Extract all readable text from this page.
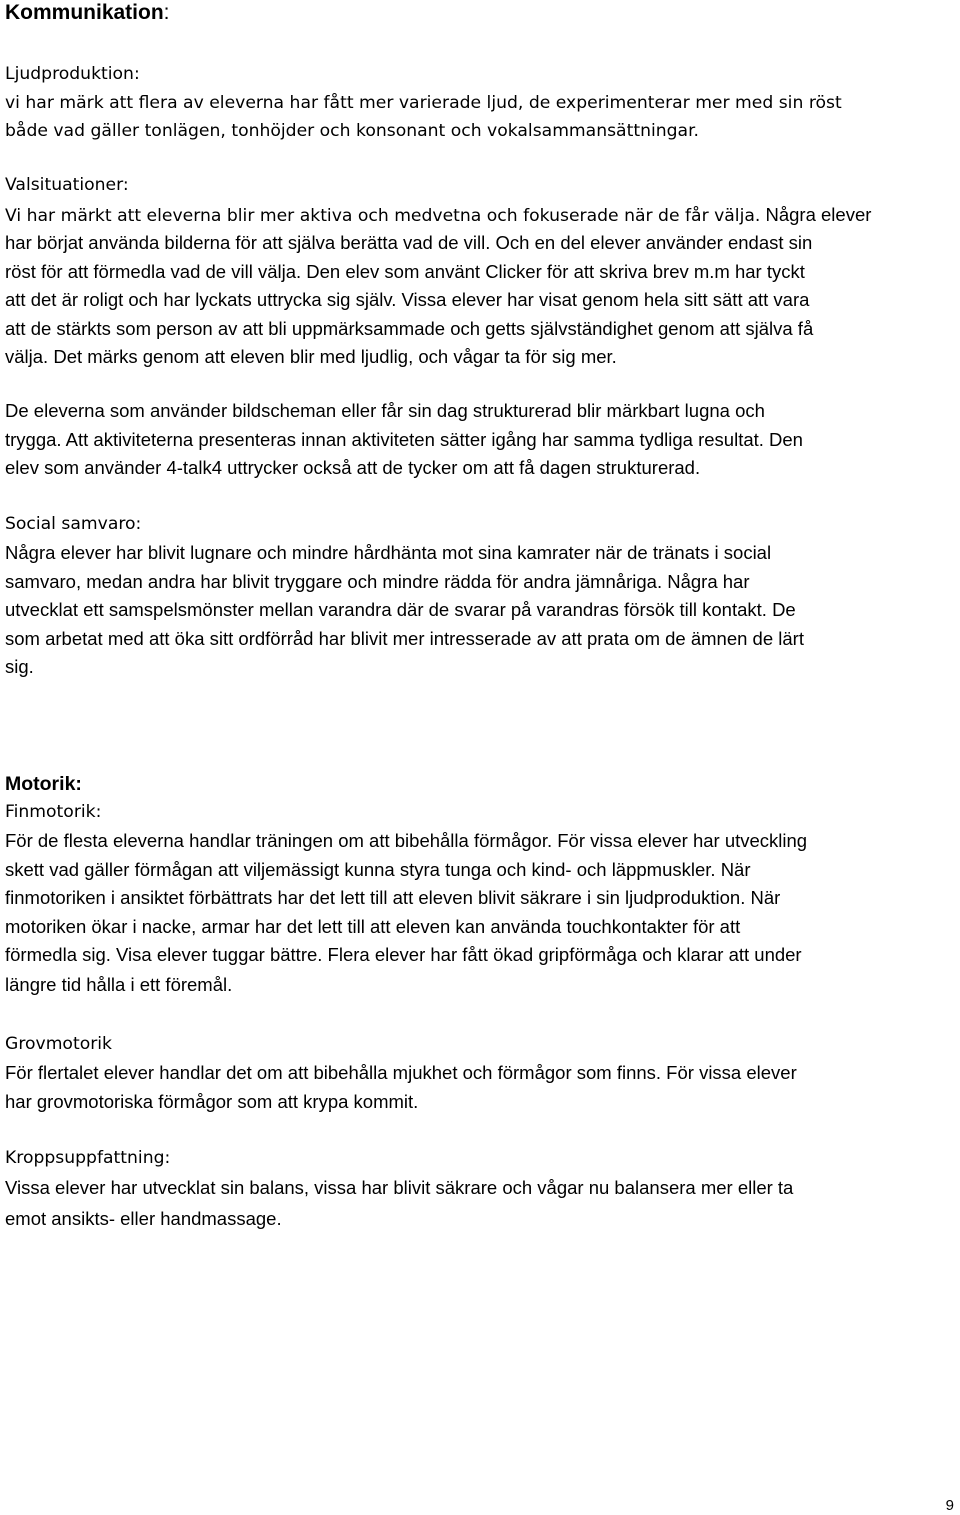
Kommunikation:
Ljudproduktion:
vi har märk att flera av eleverna har fått mer varierade ljud, de experimenterar mer med sin röst
både vad gäller tonlägen, tonhöjder och konsonant och vokalsammansättningar.
Valsituationer:
Vi har märkt att eleverna blir mer aktiva och medvetna och fokuserade när de får välja. Några elever
har börjat använda bilderna för att själva berätta vad de vill. Och en del elever använder endast sin
röst för att förmedla vad de vill välja. Den elev som använt Clicker för att skriva brev m.m har tyckt
att det är roligt och har lyckats uttrycka sig själv. Vissa elever har visat genom hela sitt sätt att vara
att de stärkts som person av att bli uppmärksammade och getts självständighet genom att själva få
välja. Det märks genom att eleven blir med ljudlig, och vågar ta för sig mer.
De eleverna som använder bildscheman eller får sin dag strukturerad blir märkbart lugna och
trygga. Att aktiviteterna presenteras innan aktiviteten sätter igång har samma tydliga resultat. Den
elev som använder 4-talk4 uttrycker också att de tycker om att få dagen strukturerad.
Social samvaro:
Några elever har blivit lugnare och mindre hårdhänta mot sina kamrater när de tränats i social
samvaro, medan andra har blivit tryggare och mindre rädda för andra jämnåriga. Några har
utvecklat ett samspelsmönster mellan varandra där de svarar på varandras försök till kontakt. De
som arbetat med att öka sitt ordförråd har blivit mer intresserade av att prata om de ämnen de lärt
sig.
Motorik:
Finmotorik:
För de flesta eleverna handlar träningen om att bibehålla förmågor. För vissa elever har utveckling
skett vad gäller förmågan att viljemässigt kunna styra tunga och kind- och läppmuskler. När
finmotoriken i ansiktet förbättrats har det lett till att eleven blivit säkrare i sin ljudproduktion. När
motoriken ökar i nacke, armar har det lett till att eleven kan använda touchkontakter för att
förmedla sig. Visa elever tuggar bättre. Flera elever har fått ökad gripförmåga och klarar att under
längre tid hålla i ett föremål.
Grovmotorik
För flertalet elever handlar det om att bibehålla mjukhet och förmågor som finns. För vissa elever
har grovmotoriska förmågor som att krypa kommit.
Kroppsuppfattning:
Vissa elever har utvecklat sin balans, vissa har blivit säkrare och vågar nu balansera mer eller ta
emot ansikts- eller handmassage.
9
